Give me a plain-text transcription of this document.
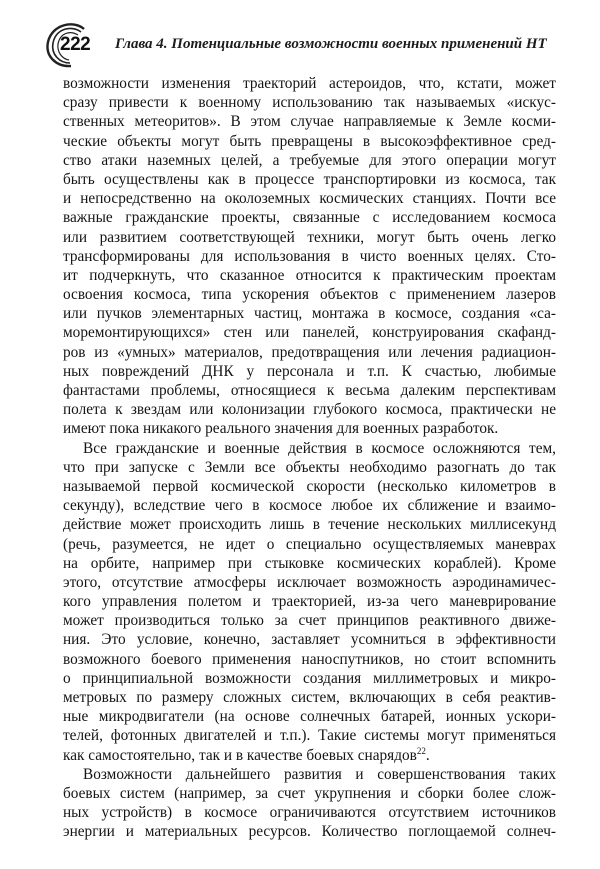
222 Глава 4. Потенциальные возможности военных применений НТ
возможности изменения траекторий астероидов, что, кстати, может
сразу привести к военному использованию так называемых «искус-
ственных метеоритов». В этом случае направляемые к Земле косми-
ческие объекты могут быть превращены в высокоэффективное сред-
ство атаки наземных целей, а требуемые для этого операции могут
быть осуществлены как в процессе транспортировки из космоса, так
и непосредственно на околоземных космических станциях. Почти все
важные гражданские проекты, связанные с исследованием космоса
или развитием соответствующей техники, могут быть очень легко
трансформированы для использования в чисто военных целях. Сто-
ит подчеркнуть, что сказанное относится к практическим проектам
освоения космоса, типа ускорения объектов с применением лазеров
или пучков элементарных частиц, монтажа в космосе, создания «са-
моремонтирующихся» стен или панелей, конструирования скафанд-
ров из «умных» материалов, предотвращения или лечения радиацион-
ных повреждений ДНК у персонала и т.п. К счастью, любимые
фантастами проблемы, относящиеся к весьма далеким перспективам
полета к звездам или колонизации глубокого космоса, практически не
имеют пока никакого реального значения для военных разработок.
Все гражданские и военные действия в космосе осложняются тем,
что при запуске с Земли все объекты необходимо разогнать до так
называемой первой космической скорости (несколько километров в
секунду), вследствие чего в космосе любое их сближение и взаимо-
действие может происходить лишь в течение нескольких миллисекунд
(речь, разумеется, не идет о специально осуществляемых маневрах
на орбите, например при стыковке космических кораблей). Кроме
этого, отсутствие атмосферы исключает возможность аэродинамичес-
кого управления полетом и траекторией, из-за чего маневрирование
может производиться только за счет принципов реактивного движе-
ния. Это условие, конечно, заставляет усомниться в эффективности
возможного боевого применения наноспутников, но стоит вспомнить
о принципиальной возможности создания миллиметровых и микро-
метровых по размеру сложных систем, включающих в себя реактив-
ные микродвигатели (на основе солнечных батарей, ионных ускори-
телей, фотонных двигателей и т.п.). Такие системы могут применяться
как самостоятельно, так и в качестве боевых снарядов$^{22}$.
Возможности дальнейшего развития и совершенствования таких
боевых систем (например, за счет укрупнения и сборки более слож-
ных устройств) в космосе ограничиваются отсутствием источников
энергии и материальных ресурсов. Количество поглощаемой солнеч-
